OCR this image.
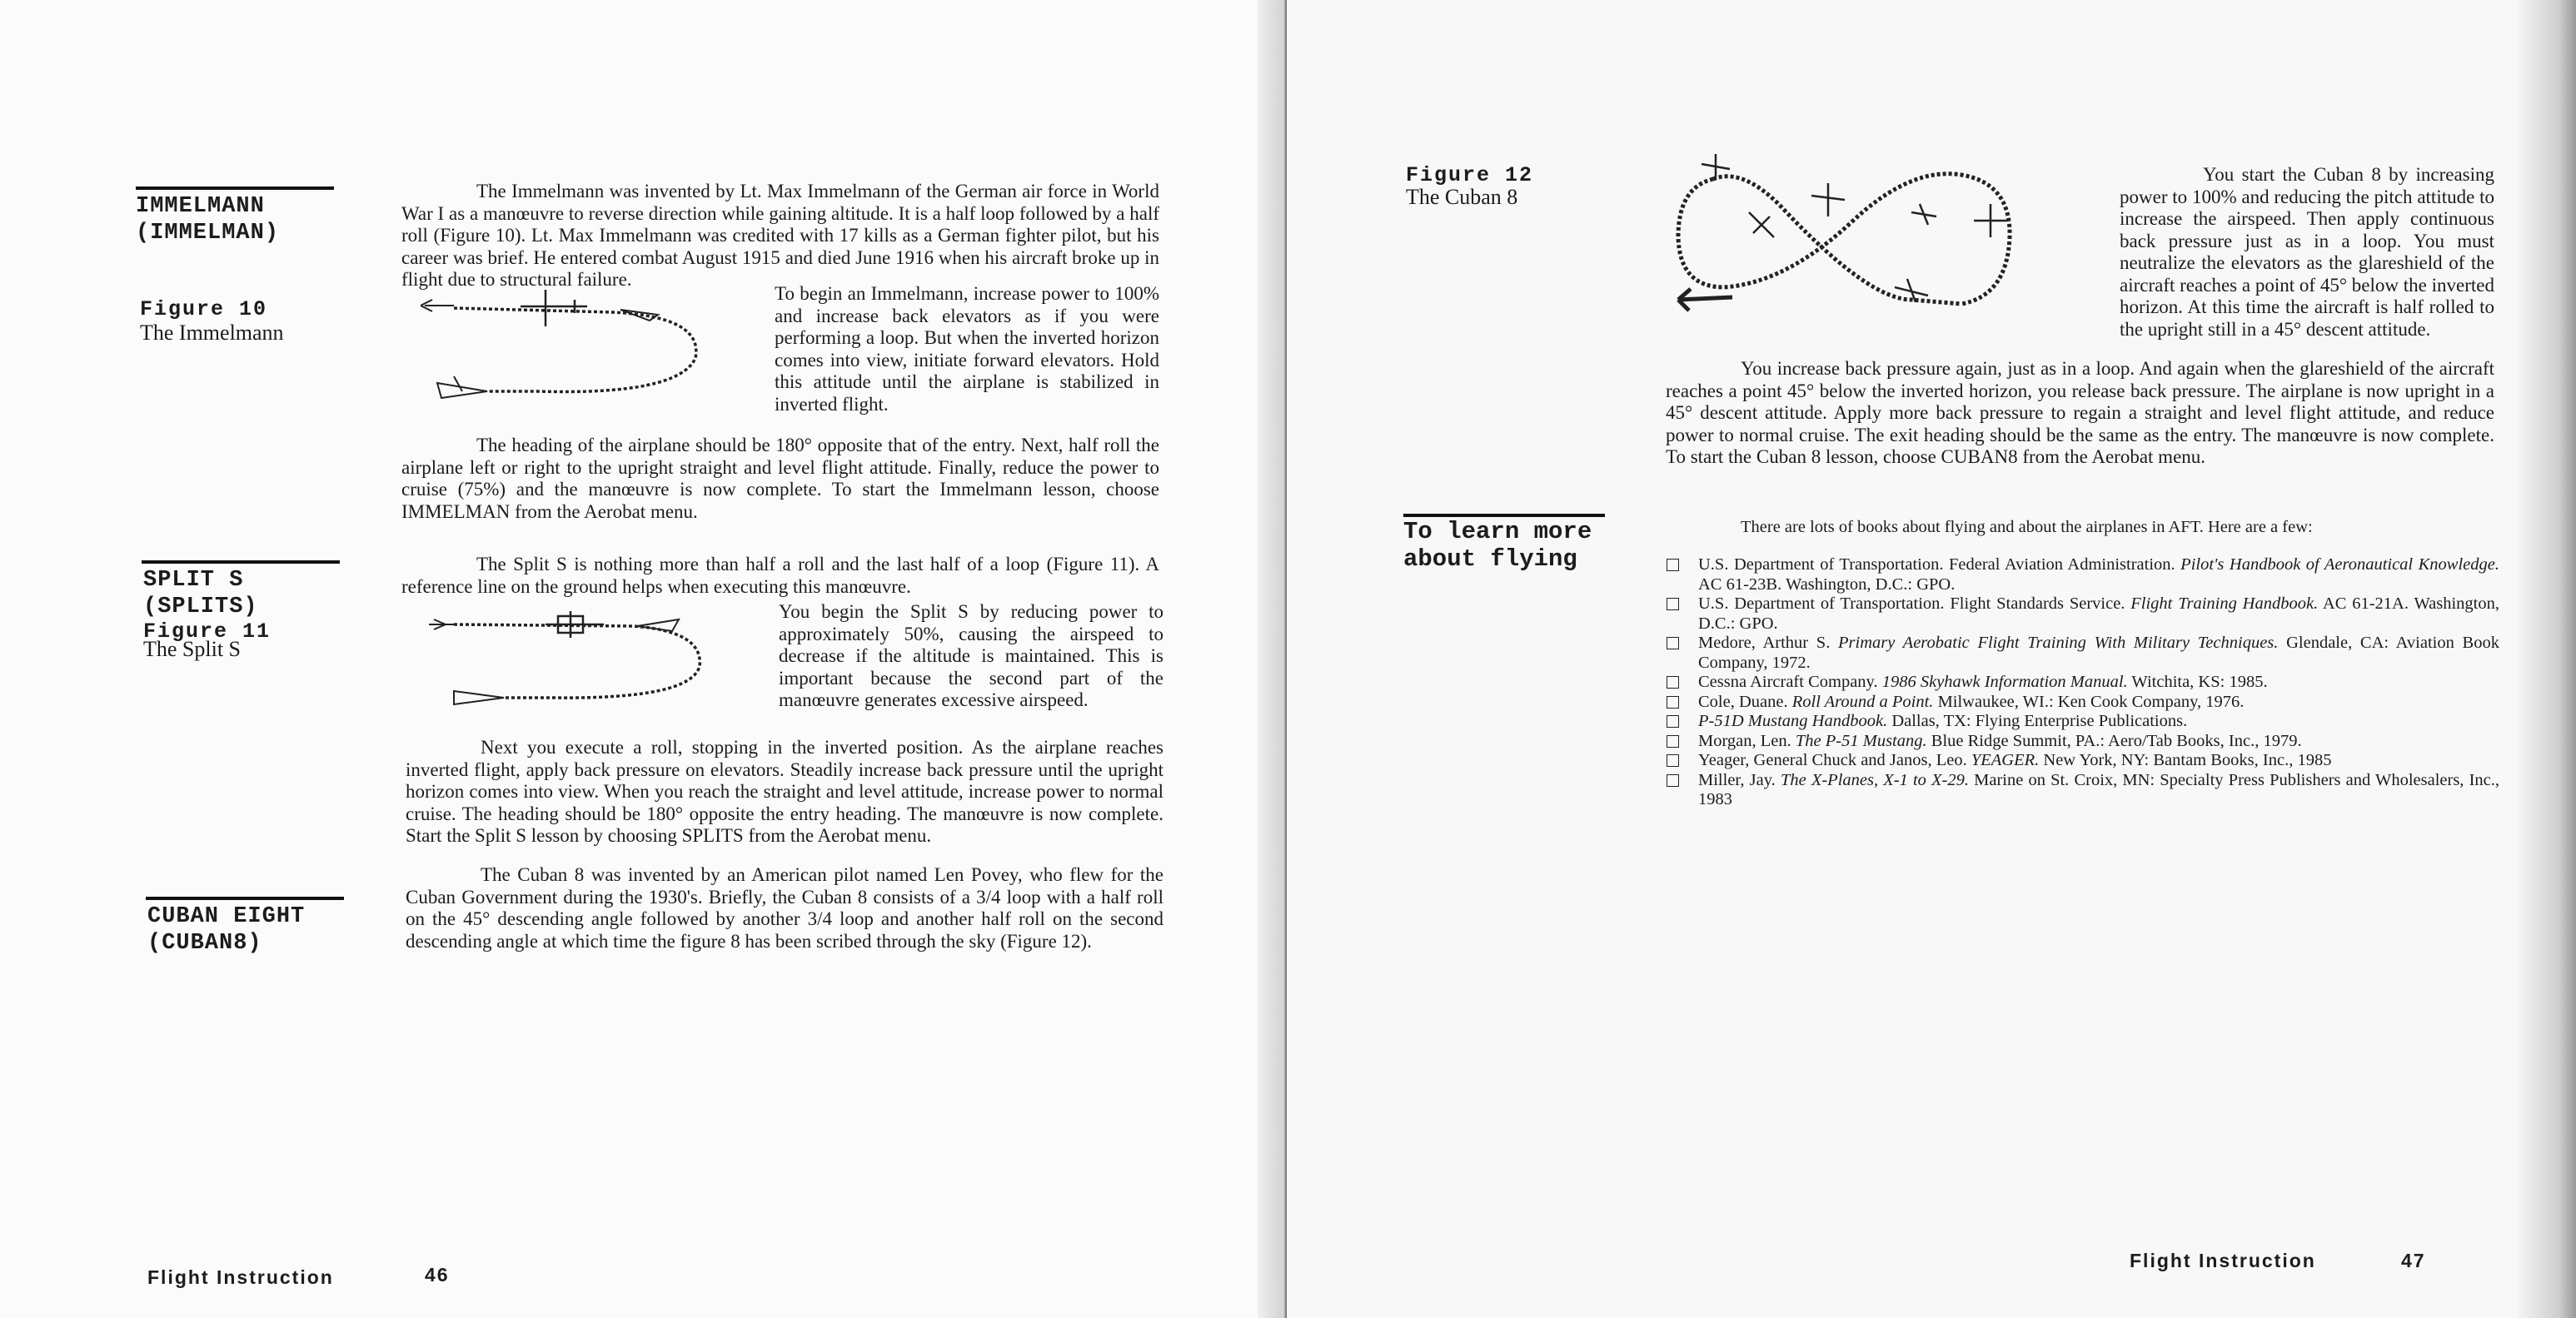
IMMELMANN
(IMMELMAN)
Figure 10
The Immelmann
The Immelmann was invented by Lt. Max Immelmann of the German air force in World War I as a manœuvre to reverse direction while gaining altitude. It is a half loop followed by a half roll (Figure 10). Lt. Max Immelmann was credited with 17 kills as a German fighter pilot, but his career was brief. He entered combat August 1915 and died June 1916 when his aircraft broke up in flight due to structural failure.
To begin an Immelmann, increase power to 100% and increase back elevators as if you were performing a loop. But when the inverted horizon comes into view, initiate forward elevators. Hold this attitude until the airplane is stabilized in inverted flight.
The heading of the airplane should be 180° opposite that of the entry. Next, half roll the airplane left or right to the upright straight and level flight attitude. Finally, reduce the power to cruise (75%) and the manœuvre is now complete. To start the Immelmann lesson, choose IMMELMAN from the Aerobat menu.
SPLIT S
(SPLITS)
Figure 11
The Split S
The Split S is nothing more than half a roll and the last half of a loop (Figure 11). A reference line on the ground helps when executing this manœuvre.
You begin the Split S by reducing power to approximately 50%, causing the airspeed to decrease if the altitude is maintained. This is important because the second part of the manœuvre generates excessive airspeed.
Next you execute a roll, stopping in the inverted position. As the airplane reaches inverted flight, apply back pressure on elevators. Steadily increase back pressure until the upright horizon comes into view. When you reach the straight and level attitude, increase power to normal cruise. The heading should be 180° opposite the entry heading. The manœuvre is now complete. Start the Split S lesson by choosing SPLITS from the Aerobat menu.
CUBAN EIGHT
(CUBAN8)
The Cuban 8 was invented by an American pilot named Len Povey, who flew for the Cuban Government during the 1930's. Briefly, the Cuban 8 consists of a 3/4 loop with a half roll on the 45° descending angle followed by another 3/4 loop and another half roll on the second descending angle at which time the figure 8 has been scribed through the sky (Figure 12).
Flight Instruction	46
Figure 12
The Cuban 8
You start the Cuban 8 by increasing power to 100% and reducing the pitch attitude to increase the airspeed. Then apply continuous back pressure just as in a loop. You must neutralize the elevators as the glareshield of the aircraft reaches a point of 45° below the inverted horizon. At this time the aircraft is half rolled to the upright still in a 45° descent attitude.
You increase back pressure again, just as in a loop. And again when the glareshield of the aircraft reaches a point 45° below the inverted horizon, you release back pressure. The airplane is now upright in a 45° descent attitude. Apply more back pressure to regain a straight and level flight attitude, and reduce power to normal cruise. The exit heading should be the same as the entry. The manœuvre is now complete. To start the Cuban 8 lesson, choose CUBAN8 from the Aerobat menu.
To learn more
about flying
There are lots of books about flying and about the airplanes in AFT. Here are a few:
U.S. Department of Transportation. Federal Aviation Administration. Pilot's Handbook of Aeronautical Knowledge. AC 61-23B. Washington, D.C.: GPO.
U.S. Department of Transportation. Flight Standards Service. Flight Training Handbook. AC 61-21A. Washington, D.C.: GPO.
Medore, Arthur S. Primary Aerobatic Flight Training With Military Techniques. Glendale, CA: Aviation Book Company, 1972.
Cessna Aircraft Company. 1986 Skyhawk Information Manual. Witchita, KS: 1985.
Cole, Duane. Roll Around a Point. Milwaukee, WI.: Ken Cook Company, 1976.
P-51D Mustang Handbook. Dallas, TX: Flying Enterprise Publications.
Morgan, Len. The P-51 Mustang. Blue Ridge Summit, PA.: Aero/Tab Books, Inc., 1979.
Yeager, General Chuck and Janos, Leo. YEAGER. New York, NY: Bantam Books, Inc., 1985
Miller, Jay. The X-Planes, X-1 to X-29. Marine on St. Croix, MN: Specialty Press Publishers and Wholesalers, Inc., 1983
Flight Instruction	47
